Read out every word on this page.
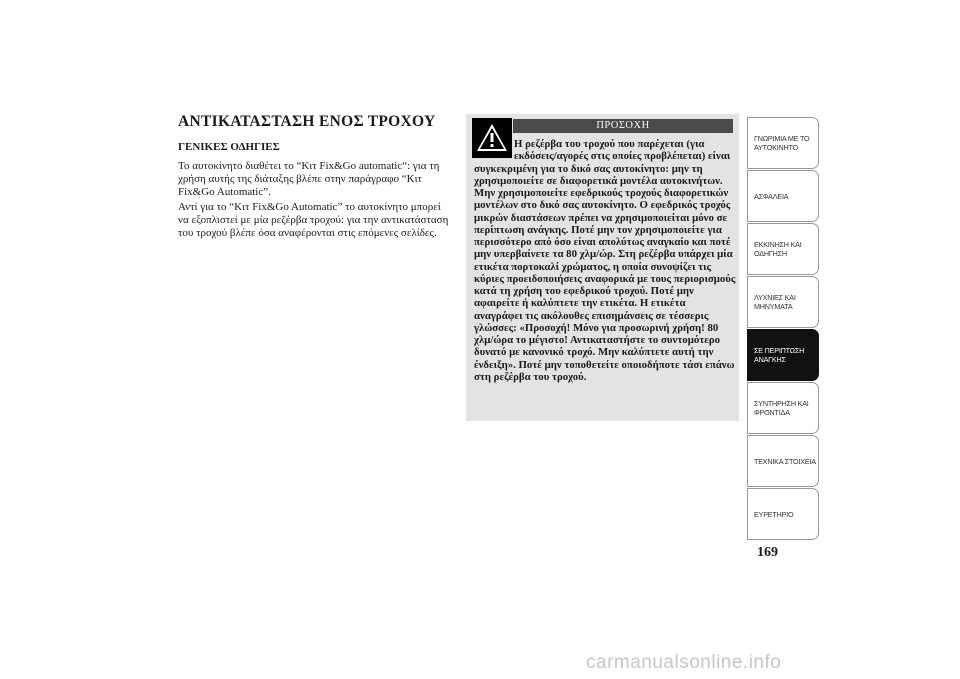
ΑΝΤΙΚΑΤΑΣΤΑΣΗ ΕΝΟΣ ΤΡΟΧΟΥ
ΓΕΝΙΚΕΣ ΟΔΗΓΙΕΣ

Το αυτοκίνητο διαθέτει το “Κιτ Fix&Go automatic“: για τη χρήση αυτής της διάταξης βλέπε στην παράγραφο “Κιτ Fix&Go Automatic”.

Αντί για το “Κιτ Fix&Go Automatic” το αυτοκίνητο μπορεί να εξοπλιστεί με μία ρεζέρβα τροχού: για την αντικατάσταση του τροχού βλέπε όσα αναφέρονται στις επόμενες σελίδες.

ΠΡΟΣΟΧΗ

Η ρεζέρβα του τροχού που παρέχεται (για εκδόσεις/αγορές στις οποίες προβλέπεται) είναι συγκεκριμένη για το δικό σας αυτοκίνητο: μην τη χρησιμοποιείτε σε διαφορετικά μοντέλα αυτοκινήτων. Μην χρησιμοποιείτε εφεδρικούς τροχούς διαφορετικών μοντέλων στο δικό σας αυτοκίνητο. Ο εφεδρικός τροχός μικρών διαστάσεων πρέπει να χρησιμοποιείται μόνο σε περίπτωση ανάγκης. Ποτέ μην τον χρησιμοποιείτε για περισσότερο από όσο είναι απολύτως αναγκαίο και ποτέ μην υπερβαίνετε τα 80 χλμ/ώρ. Στη ρεζέρβα υπάρχει μία ετικέτα πορτοκαλί χρώματος, η οποία συνοψίζει τις κύριες προειδοποιήσεις αναφορικά με τους περιορισμούς κατά τη χρήση του εφεδρικού τροχού. Ποτέ μην αφαιρείτε ή καλύπτετε την ετικέτα. Η ετικέτα αναγράφει τις ακόλουθες επισημάνσεις σε τέσσερις γλώσσες: «Προσοχή! Μόνο για προσωρινή χρήση! 80 χλμ/ώρα το μέγιστο! Αντικαταστήστε το συντομότερο δυνατό με κανονικό τροχό. Μην καλύπτετε αυτή την ένδειξη». Ποτέ μην τοποθετείτε οποιοδήποτε τάσι επάνω στη ρεζέρβα του τροχού.

ΓΝΩΡΙΜΙΑ ΜΕ ΤΟ
ΑΥΤΟΚΙΝΗΤΟ
ΑΣΦΑΛΕΙΑ
ΕΚΚΙΝΗΣΗ ΚΑΙ
ΟΔΗΓΗΣΗ
ΛΥΧΝΙΕΣ ΚΑΙ
ΜΗΝΥΜΑΤΑ
ΣΕ ΠΕΡΙΠΤΩΣΗ
ΑΝΑΓΚΗΣ
ΣΥΝΤΗΡΗΣΗ ΚΑΙ
ΦΡΟΝΤΙΔΑ
ΤΕΧΝΙΚΑ ΣΤΟΙΧΕΙΑ
ΕΥΡΕΤΗΡΙΟ
169
carmanualsonline.info
